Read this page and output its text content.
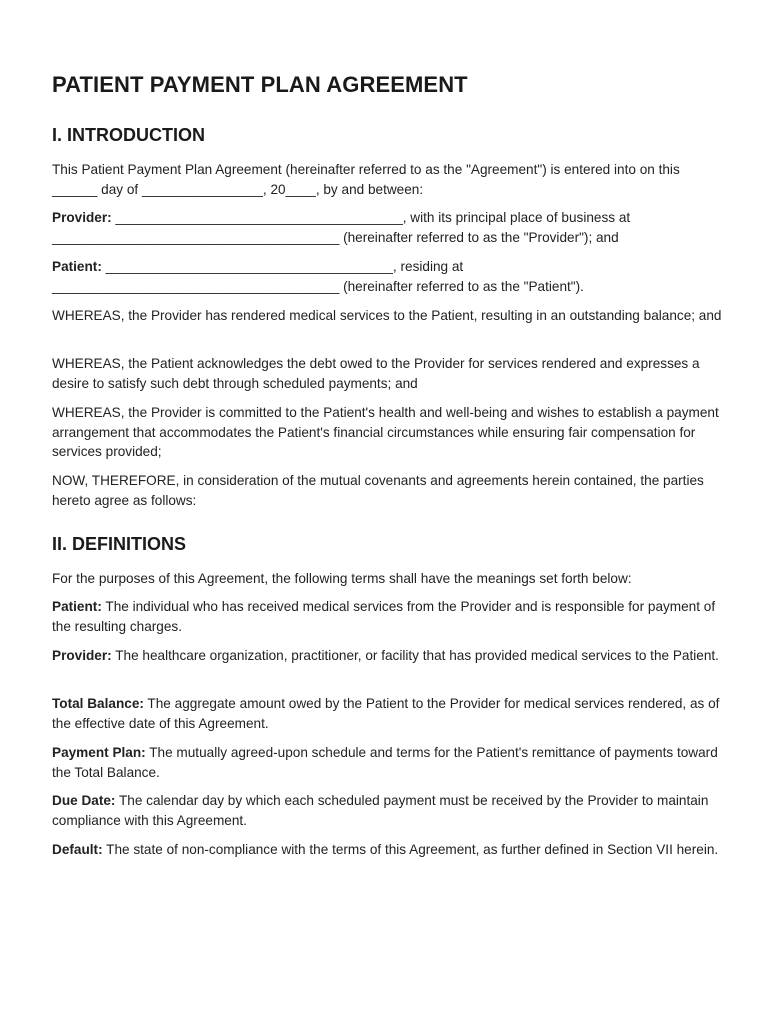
PATIENT PAYMENT PLAN AGREEMENT
I. INTRODUCTION

This Patient Payment Plan Agreement (hereinafter referred to as the "Agreement") is entered into on this ______ day of ________________, 20____, by and between:

Provider: ______________________________________, with its principal place of business at ______________________________________ (hereinafter referred to as the "Provider"); and

Patient: ______________________________________, residing at ______________________________________ (hereinafter referred to as the "Patient").

WHEREAS, the Provider has rendered medical services to the Patient, resulting in an outstanding balance; and

WHEREAS, the Patient acknowledges the debt owed to the Provider for services rendered and expresses a desire to satisfy such debt through scheduled payments; and

WHEREAS, the Provider is committed to the Patient's health and well-being and wishes to establish a payment arrangement that accommodates the Patient's financial circumstances while ensuring fair compensation for services provided;

NOW, THEREFORE, in consideration of the mutual covenants and agreements herein contained, the parties hereto agree as follows:

II. DEFINITIONS

For the purposes of this Agreement, the following terms shall have the meanings set forth below:

Patient: The individual who has received medical services from the Provider and is responsible for payment of the resulting charges.

Provider: The healthcare organization, practitioner, or facility that has provided medical services to the Patient.

Total Balance: The aggregate amount owed by the Patient to the Provider for medical services rendered, as of the effective date of this Agreement.

Payment Plan: The mutually agreed-upon schedule and terms for the Patient's remittance of payments toward the Total Balance.

Due Date: The calendar day by which each scheduled payment must be received by the Provider to maintain compliance with this Agreement.

Default: The state of non-compliance with the terms of this Agreement, as further defined in Section VII herein.
